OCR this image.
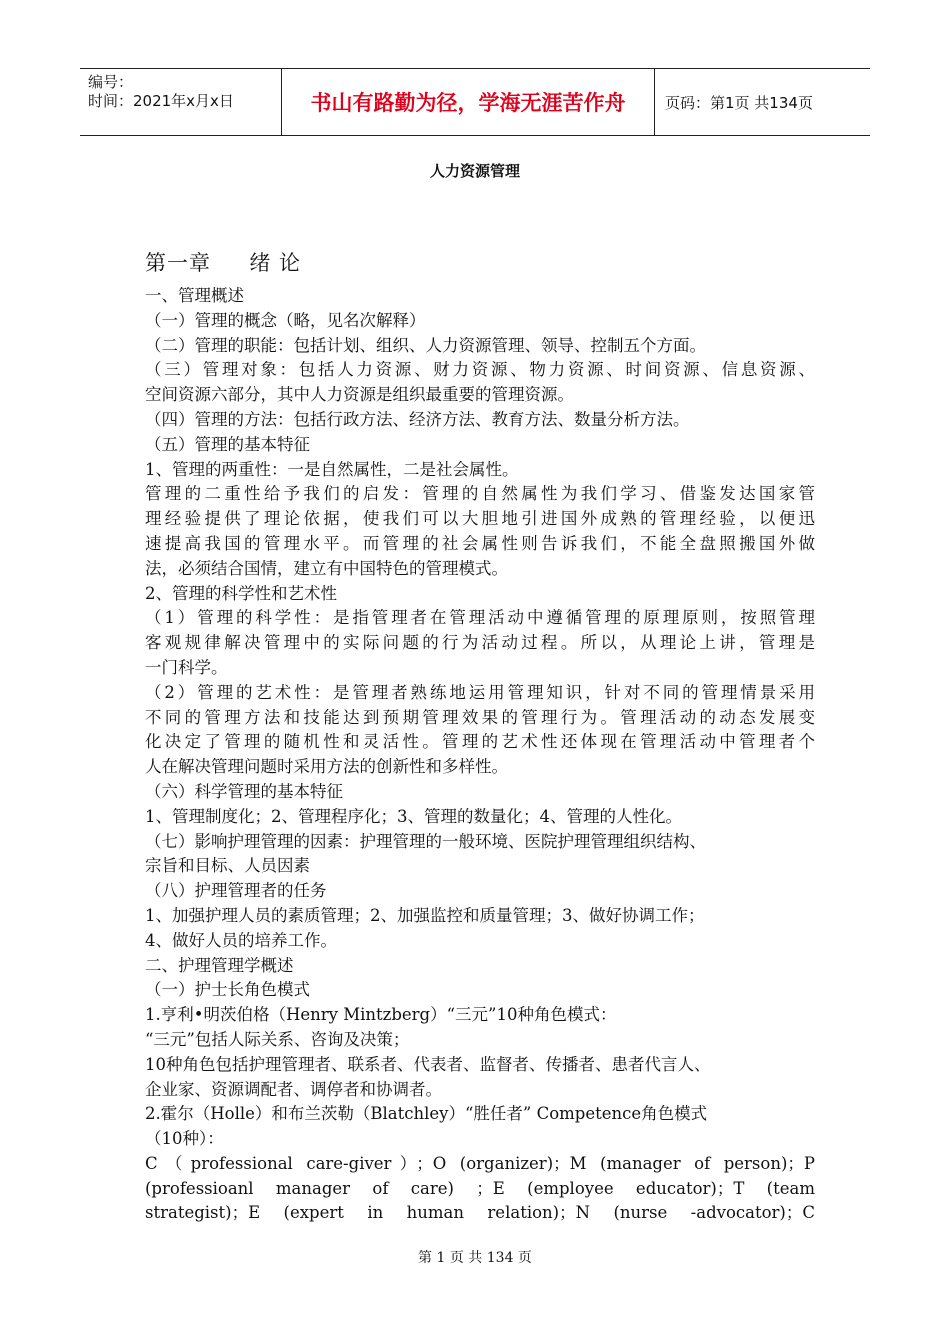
编号：
时间：2021年x月x日	书山有路勤为径，学海无涯苦作舟	页码：第1页 共134页
人力资源管理
第一章     绪 论

一、管理概述

（一）管理的概念（略，见名次解释）

（二）管理的职能：包括计划、组织、人力资源管理、领导、控制五个方面。

（三）管理对象：包括人力资源、财力资源、物力资源、时间资源、信息资源、

空间资源六部分，其中人力资源是组织最重要的管理资源。

（四）管理的方法：包括行政方法、经济方法、教育方法、数量分析方法。

（五）管理的基本特征

1、管理的两重性：一是自然属性，二是社会属性。

管理的二重性给予我们的启发：管理的自然属性为我们学习、借鉴发达国家管

理经验提供了理论依据，使我们可以大胆地引进国外成熟的管理经验，以便迅

速提高我国的管理水平。而管理的社会属性则告诉我们，不能全盘照搬国外做

法，必须结合国情，建立有中国特色的管理模式。

2、管理的科学性和艺术性

（1）管理的科学性：是指管理者在管理活动中遵循管理的原理原则，按照管理

客观规律解决管理中的实际问题的行为活动过程。所以，从理论上讲，管理是

一门科学。

（2）管理的艺术性：是管理者熟练地运用管理知识，针对不同的管理情景采用

不同的管理方法和技能达到预期管理效果的管理行为。管理活动的动态发展变

化决定了管理的随机性和灵活性。管理的艺术性还体现在管理活动中管理者个

人在解决管理问题时采用方法的创新性和多样性。

（六）科学管理的基本特征

1、管理制度化；2、管理程序化；3、管理的数量化；4、管理的人性化。

（七）影响护理管理的因素：护理管理的一般环境、医院护理管理组织结构、

宗旨和目标、人员因素

（八）护理管理者的任务

1、加强护理人员的素质管理；2、加强监控和质量管理；3、做好协调工作；

4、做好人员的培养工作。

二、护理管理学概述

（一）护士长角色模式

1.亨利•明茨伯格（Henry Mintzberg）“三元”10种角色模式：

“三元”包括人际关系、咨询及决策；

10种角色包括护理管理者、联系者、代表者、监督者、传播者、患者代言人、

企业家、资源调配者、调停者和协调者。

2.霍尔（Holle）和布兰茨勒（Blatchley）“胜任者” Competence角色模式

（10种）：

C（professional care-giver）；O (organizer)；M (manager of person)；P

(professioanl manager of care) ；E (employee educator)；T (team

strategist)；E (expert in human relation)；N (nurse -advocator)；C

第 1 页 共 134 页
